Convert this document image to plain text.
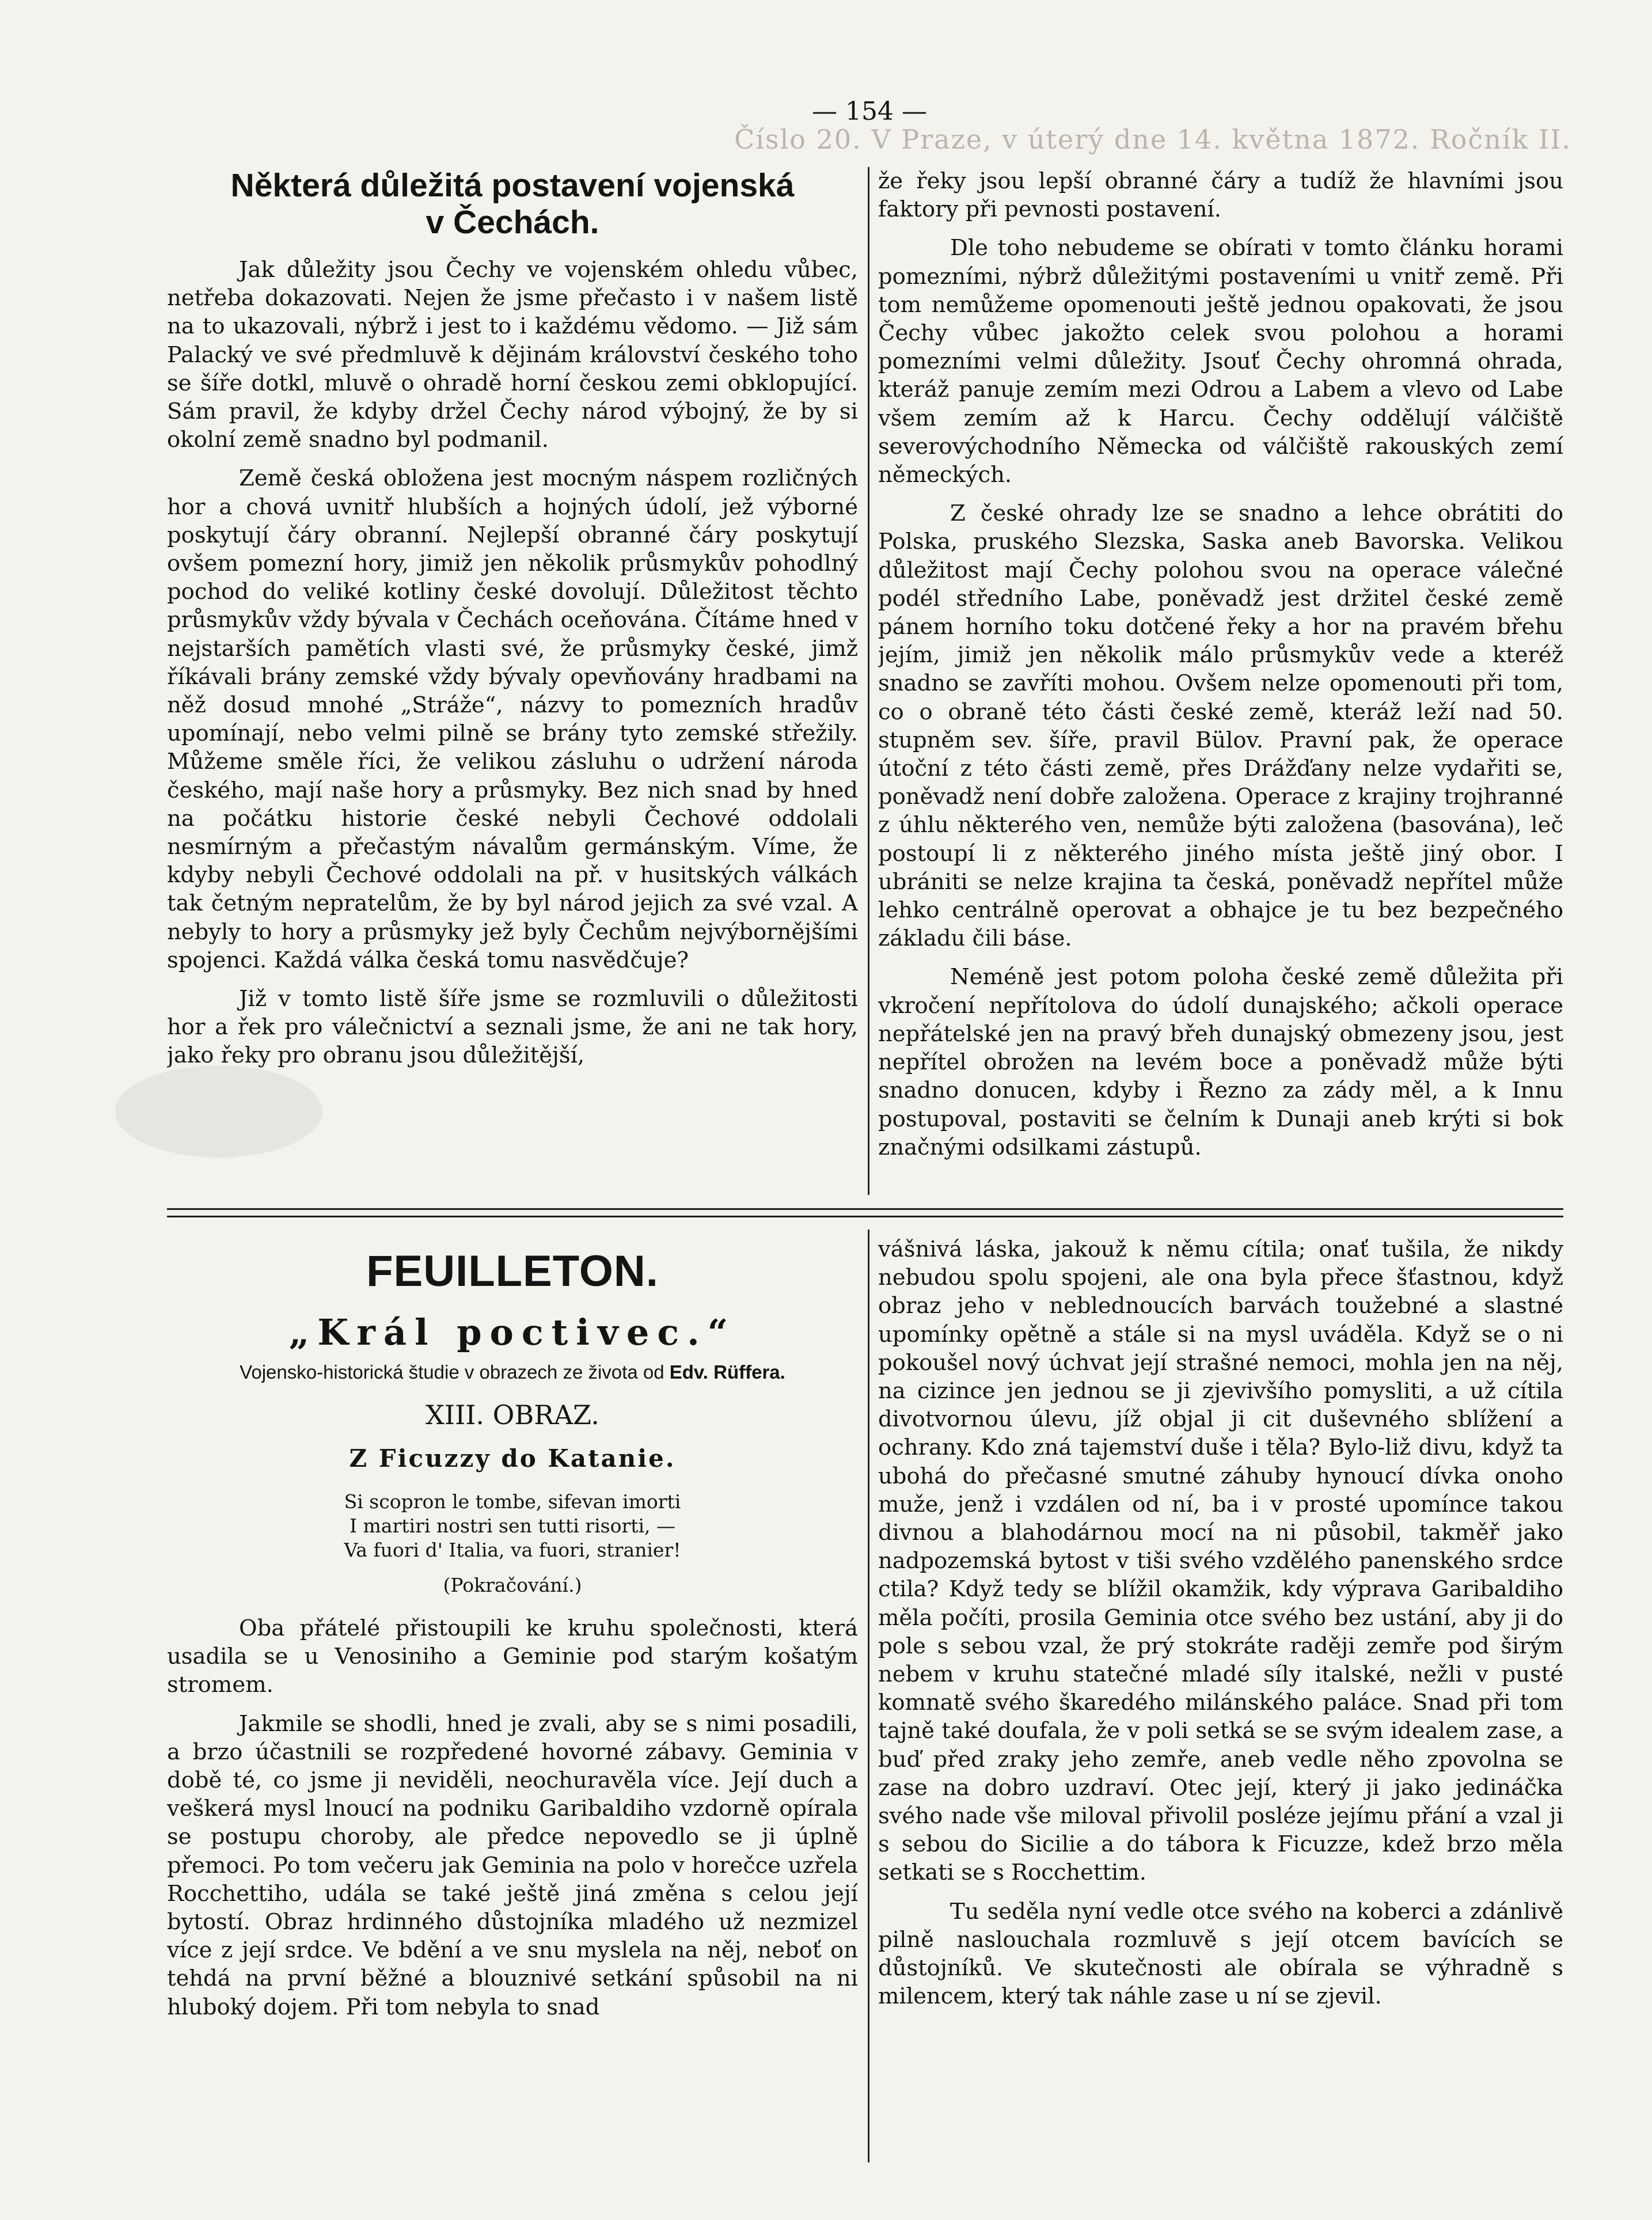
Číslo 20. V Praze, v úterý dne 14. května 1872. Ročník II.
— 154 —
Některá důležitá postavení vojenská
v Čechách.

Jak důležity jsou Čechy ve vojenském ohledu vůbec, netřeba dokazovati. Nejen že jsme přečasto i v našem listě na to ukazovali, nýbrž i jest to i každému vědomo. — Již sám Palacký ve své předmluvě k dějinám království českého toho se šíře dotkl, mluvě o ohradě horní českou zemi obklopující. Sám pravil, že kdyby držel Čechy národ výbojný, že by si okolní země snadno byl podmanil.

Země česká obložena jest mocným náspem rozličných hor a chová uvnitř hlubších a hojných údolí, jež výborné poskytují čáry obranní. Nejlepší obranné čáry poskytují ovšem pomezní hory, jimiž jen několik průsmykův pohodlný pochod do veliké kotliny české dovolují. Důležitost těchto průsmykův vždy bývala v Čechách oceňována. Čítáme hned v nejstarších pamětích vlasti své, že průsmyky české, jimž říkávali brány zemské vždy bývaly opevňovány hradbami na něž dosud mnohé „Stráže“, názvy to pomezních hradův upomínají, nebo velmi pilně se brány tyto zemské střežily. Můžeme směle říci, že velikou zásluhu o udržení národa českého, mají naše hory a průsmyky. Bez nich snad by hned na počátku historie české nebyli Čechové oddolali nesmírným a přečastým návalům germánským. Víme, že kdyby nebyli Čechové oddolali na př. v husitských válkách tak četným nepratelům, že by byl národ jejich za své vzal. A nebyly to hory a průsmyky jež byly Čechům nejvýbornějšími spojenci. Každá válka česká tomu nasvědčuje?

Již v tomto listě šíře jsme se rozmluvili o důležitosti hor a řek pro válečnictví a seznali jsme, že ani ne tak hory, jako řeky pro obranu jsou důležitější,

že řeky jsou lepší obranné čáry a tudíž že hlavními jsou faktory při pevnosti postavení.

Dle toho nebudeme se obírati v tomto článku horami pomezními, nýbrž důležitými postaveními u vnitř země. Při tom nemůžeme opomenouti ještě jednou opakovati, že jsou Čechy vůbec jakožto celek svou polohou a horami pomezními velmi důležity. Jsouť Čechy ohromná ohrada, kteráž panuje zemím mezi Odrou a Labem a vlevo od Labe všem zemím až k Harcu. Čechy oddělují válčiště severovýchodního Německa od válčiště rakouských zemí německých.

Z české ohrady lze se snadno a lehce obrátiti do Polska, pruského Slezska, Saska aneb Bavorska. Velikou důležitost mají Čechy polohou svou na operace válečné podél středního Labe, poněvadž jest držitel české země pánem horního toku dotčené řeky a hor na pravém břehu jejím, jimiž jen několik málo průsmykův vede a kteréž snadno se zavříti mohou. Ovšem nelze opomenouti při tom, co o obraně této části české země, kteráž leží nad 50. stupněm sev. šíře, pravil Bülov. Pravní pak, že operace útoční z této části země, přes Drážďany nelze vydařiti se, poněvadž není dobře založena. Operace z krajiny trojhranné z úhlu některého ven, nemůže býti založena (basována), leč postoupí li z některého jiného místa ještě jiný obor. I ubrániti se nelze krajina ta česká, poněvadž nepřítel může lehko centrálně operovat a obhajce je tu bez bezpečného základu čili báse.

Neméně jest potom poloha české země důležita při vkročení nepřítolova do údolí dunajského; ačkoli operace nepřátelské jen na pravý břeh dunajský obmezeny jsou, jest nepřítel obrožen na levém boce a poněvadž může býti snadno donucen, kdyby i Řezno za zády měl, a k Innu postupoval, postaviti se čelním k Dunaji aneb krýti si bok značnými odsilkami zástupů.

FEUILLETON.
„Král poctivec.“
Vojensko-historická študie v obrazech ze života od Edv. Rüffera.
XIII. OBRAZ.
Z Ficuzzy do Katanie.
Si scopron le tombe, sifevan imorti
I martiri nostri sen tutti risorti, —
Va fuori d' Italia, va fuori, stranier!
(Pokračování.)

Oba přátelé přistoupili ke kruhu společnosti, která usadila se u Venosiniho a Geminie pod starým košatým stromem.

Jakmile se shodli, hned je zvali, aby se s nimi posadili, a brzo účastnili se rozpředené hovorné zábavy. Geminia v době té, co jsme ji neviděli, neochuravěla více. Její duch a veškerá mysl lnoucí na podniku Garibaldiho vzdorně opírala se postupu choroby, ale předce nepovedlo se ji úplně přemoci. Po tom večeru jak Geminia na polo v horečce uzřela Rocchettiho, udála se také ještě jiná změna s celou její bytostí. Obraz hrdinného důstojníka mladého už nezmizel více z její srdce. Ve bdění a ve snu myslela na něj, neboť on tehdá na první běžné a blouznivé setkání spůsobil na ni hluboký dojem. Při tom nebyla to snad

vášnivá láska, jakouž k němu cítila; onať tušila, že nikdy nebudou spolu spojeni, ale ona byla přece šťastnou, když obraz jeho v neblednoucích barvách toužebné a slastné upomínky opětně a stále si na mysl uváděla. Když se o ni pokoušel nový úchvat její strašné nemoci, mohla jen na něj, na cizince jen jednou se ji zjevivšího pomysliti, a už cítila divotvornou úlevu, jíž objal ji cit duševného sblížení a ochrany. Kdo zná tajemství duše i těla? Bylo-liž divu, když ta ubohá do přečasné smutné záhuby hynoucí dívka onoho muže, jenž i vzdálen od ní, ba i v prosté upomínce takou divnou a blahodárnou mocí na ni působil, takměř jako nadpozemská bytost v tiši svého vzdělého panenského srdce ctila? Když tedy se blížil okamžik, kdy výprava Garibaldiho měla počíti, prosila Geminia otce svého bez ustání, aby ji do pole s sebou vzal, že prý stokráte raději zemře pod širým nebem v kruhu statečné mladé síly italské, nežli v pusté komnatě svého škaredého milánského paláce. Snad při tom tajně také doufala, že v poli setká se se svým idealem zase, a buď před zraky jeho zemře, aneb vedle něho zpovolna se zase na dobro uzdraví. Otec její, který ji jako jedináčka svého nade vše miloval přivolil posléze jejímu přání a vzal ji s sebou do Sicilie a do tábora k Ficuzze, kdež brzo měla setkati se s Rocchettim.

Tu seděla nyní vedle otce svého na koberci a zdánlivě pilně naslouchala rozmluvě s její otcem bavících se důstojníků. Ve skutečnosti ale obírala se výhradně s milencem, který tak náhle zase u ní se zjevil.
